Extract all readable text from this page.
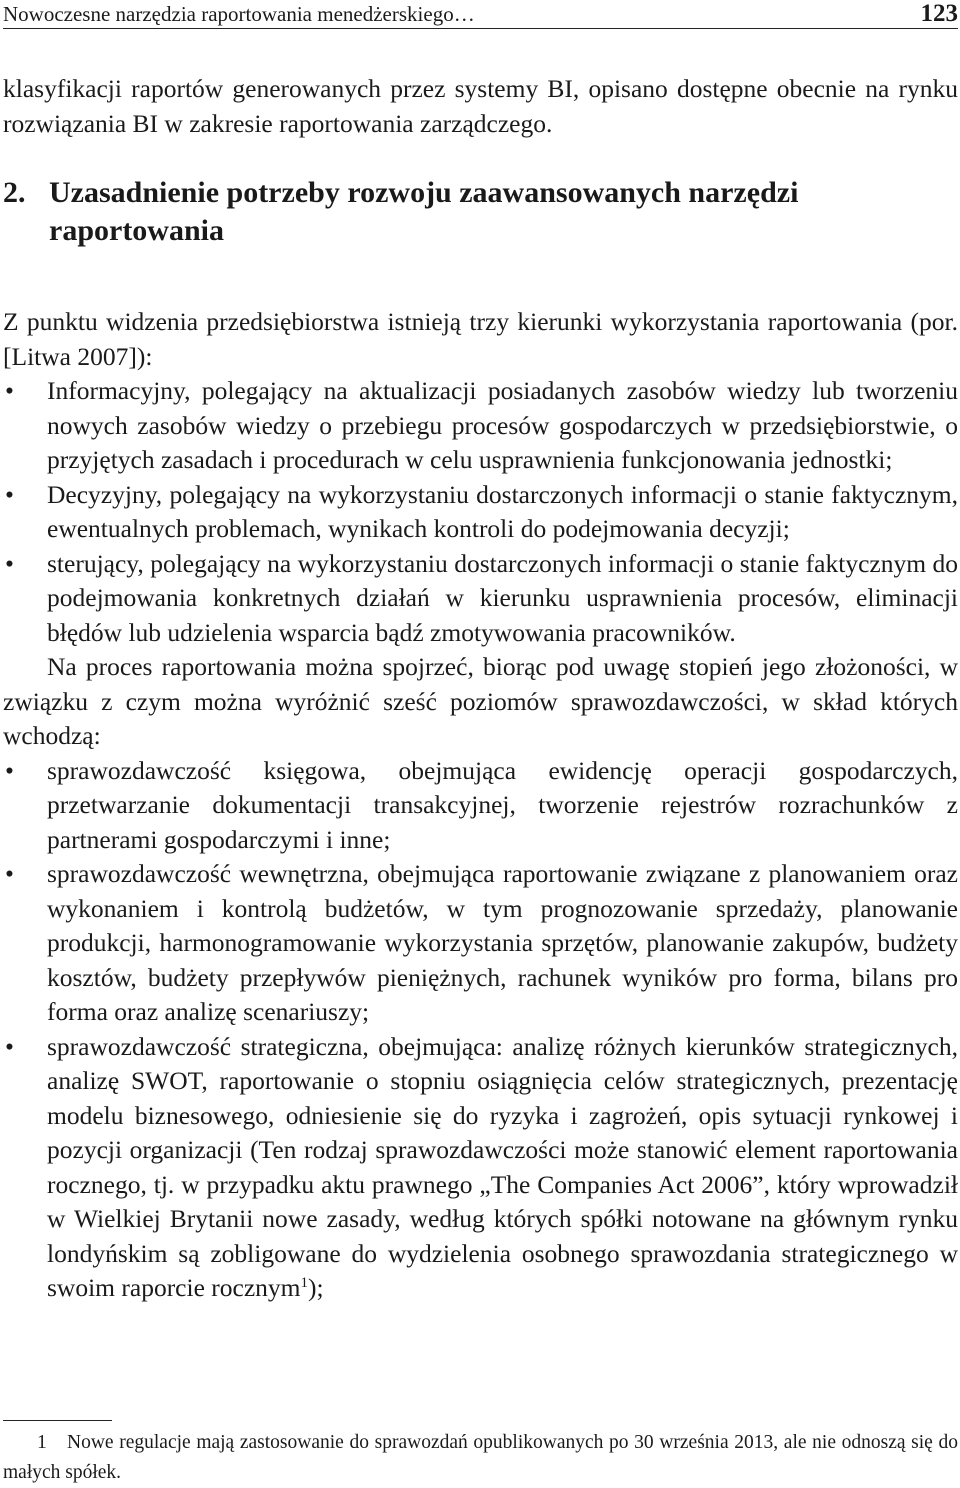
Nowoczesne narzędzia raportowania menedżerskiego…	123

klasyfikacji raportów generowanych przez systemy BI, opisano dostępne obecnie na rynku rozwiązania BI w zakresie raportowania zarządczego.

2. Uzasadnienie potrzeby rozwoju zaawansowanych narzędzi raportowania

Z punktu widzenia przedsiębiorstwa istnieją trzy kierunki wykorzystania raportowania (por. [Litwa 2007]):

• Informacyjny, polegający na aktualizacji posiadanych zasobów wiedzy lub tworzeniu nowych zasobów wiedzy o przebiegu procesów gospodarczych w przedsiębiorstwie, o przyjętych zasadach i procedurach w celu usprawnienia funkcjonowania jednostki;
• Decyzyjny, polegający na wykorzystaniu dostarczonych informacji o stanie faktycznym, ewentualnych problemach, wynikach kontroli do podejmowania decyzji;
• sterujący, polegający na wykorzystaniu dostarczonych informacji o stanie faktycznym do podejmowania konkretnych działań w kierunku usprawnienia procesów, eliminacji błędów lub udzielenia wsparcia bądź zmotywowania pracowników.

Na proces raportowania można spojrzeć, biorąc pod uwagę stopień jego złożoności, w związku z czym można wyróżnić sześć poziomów sprawozdawczości, w skład których wchodzą:

• sprawozdawczość księgowa, obejmująca ewidencję operacji gospodarczych, przetwarzanie dokumentacji transakcyjnej, tworzenie rejestrów rozrachunków z partnerami gospodarczymi i inne;
• sprawozdawczość wewnętrzna, obejmująca raportowanie związane z planowaniem oraz wykonaniem i kontrolą budżetów, w tym prognozowanie sprzedaży, planowanie produkcji, harmonogramowanie wykorzystania sprzętów, planowanie zakupów, budżety kosztów, budżety przepływów pieniężnych, rachunek wyników pro forma, bilans pro forma oraz analizę scenariuszy;
• sprawozdawczość strategiczna, obejmująca: analizę różnych kierunków strategicznych, analizę SWOT, raportowanie o stopniu osiągnięcia celów strategicznych, prezentację modelu biznesowego, odniesienie się do ryzyka i zagrożeń, opis sytuacji rynkowej i pozycji organizacji (Ten rodzaj sprawozdawczości może stanowić element raportowania rocznego, tj. w przypadku aktu prawnego „The Companies Act 2006”, który wprowadził w Wielkiej Brytanii nowe zasady, według których spółki notowane na głównym rynku londyńskim są zobligowane do wydzielenia osobnego sprawozdania strategicznego w swoim raporcie rocznym$^1$);
1 Nowe regulacje mają zastosowanie do sprawozdań opublikowanych po 30 września 2013, ale nie odnoszą się do małych spółek.
